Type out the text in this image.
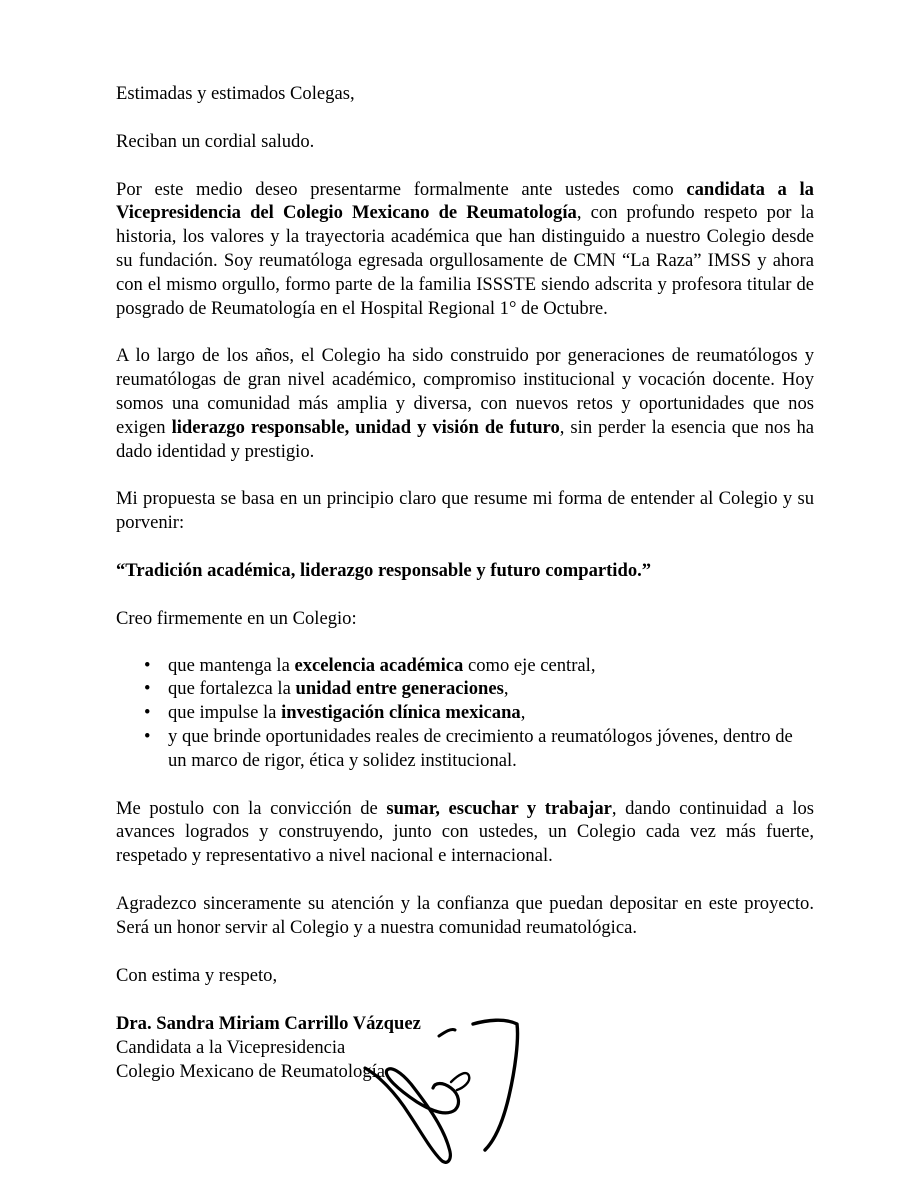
Estimadas y estimados Colegas,

Reciban un cordial saludo.

Por este medio deseo presentarme formalmente ante ustedes como candidata a la Vicepresidencia del Colegio Mexicano de Reumatología, con profundo respeto por la historia, los valores y la trayectoria académica que han distinguido a nuestro Colegio desde su fundación. Soy reumatóloga egresada orgullosamente de CMN “La Raza” IMSS y ahora con el mismo orgullo, formo parte de la familia ISSSTE siendo adscrita y profesora titular de posgrado de Reumatología en el Hospital Regional 1° de Octubre.

A lo largo de los años, el Colegio ha sido construido por generaciones de reumatólogos y reumatólogas de gran nivel académico, compromiso institucional y vocación docente. Hoy somos una comunidad más amplia y diversa, con nuevos retos y oportunidades que nos exigen liderazgo responsable, unidad y visión de futuro, sin perder la esencia que nos ha dado identidad y prestigio.

Mi propuesta se basa en un principio claro que resume mi forma de entender al Colegio y su porvenir:

“Tradición académica, liderazgo responsable y futuro compartido.”

Creo firmemente en un Colegio:

• que mantenga la excelencia académica como eje central,
• que fortalezca la unidad entre generaciones,
• que impulse la investigación clínica mexicana,
• y que brinde oportunidades reales de crecimiento a reumatólogos jóvenes, dentro de un marco de rigor, ética y solidez institucional.

Me postulo con la convicción de sumar, escuchar y trabajar, dando continuidad a los avances logrados y construyendo, junto con ustedes, un Colegio cada vez más fuerte, respetado y representativo a nivel nacional e internacional.

Agradezco sinceramente su atención y la confianza que puedan depositar en este proyecto. Será un honor servir al Colegio y a nuestra comunidad reumatológica.

Con estima y respeto,

Dra. Sandra Miriam Carrillo Vázquez

Candidata a la Vicepresidencia

Colegio Mexicano de Reumatología
